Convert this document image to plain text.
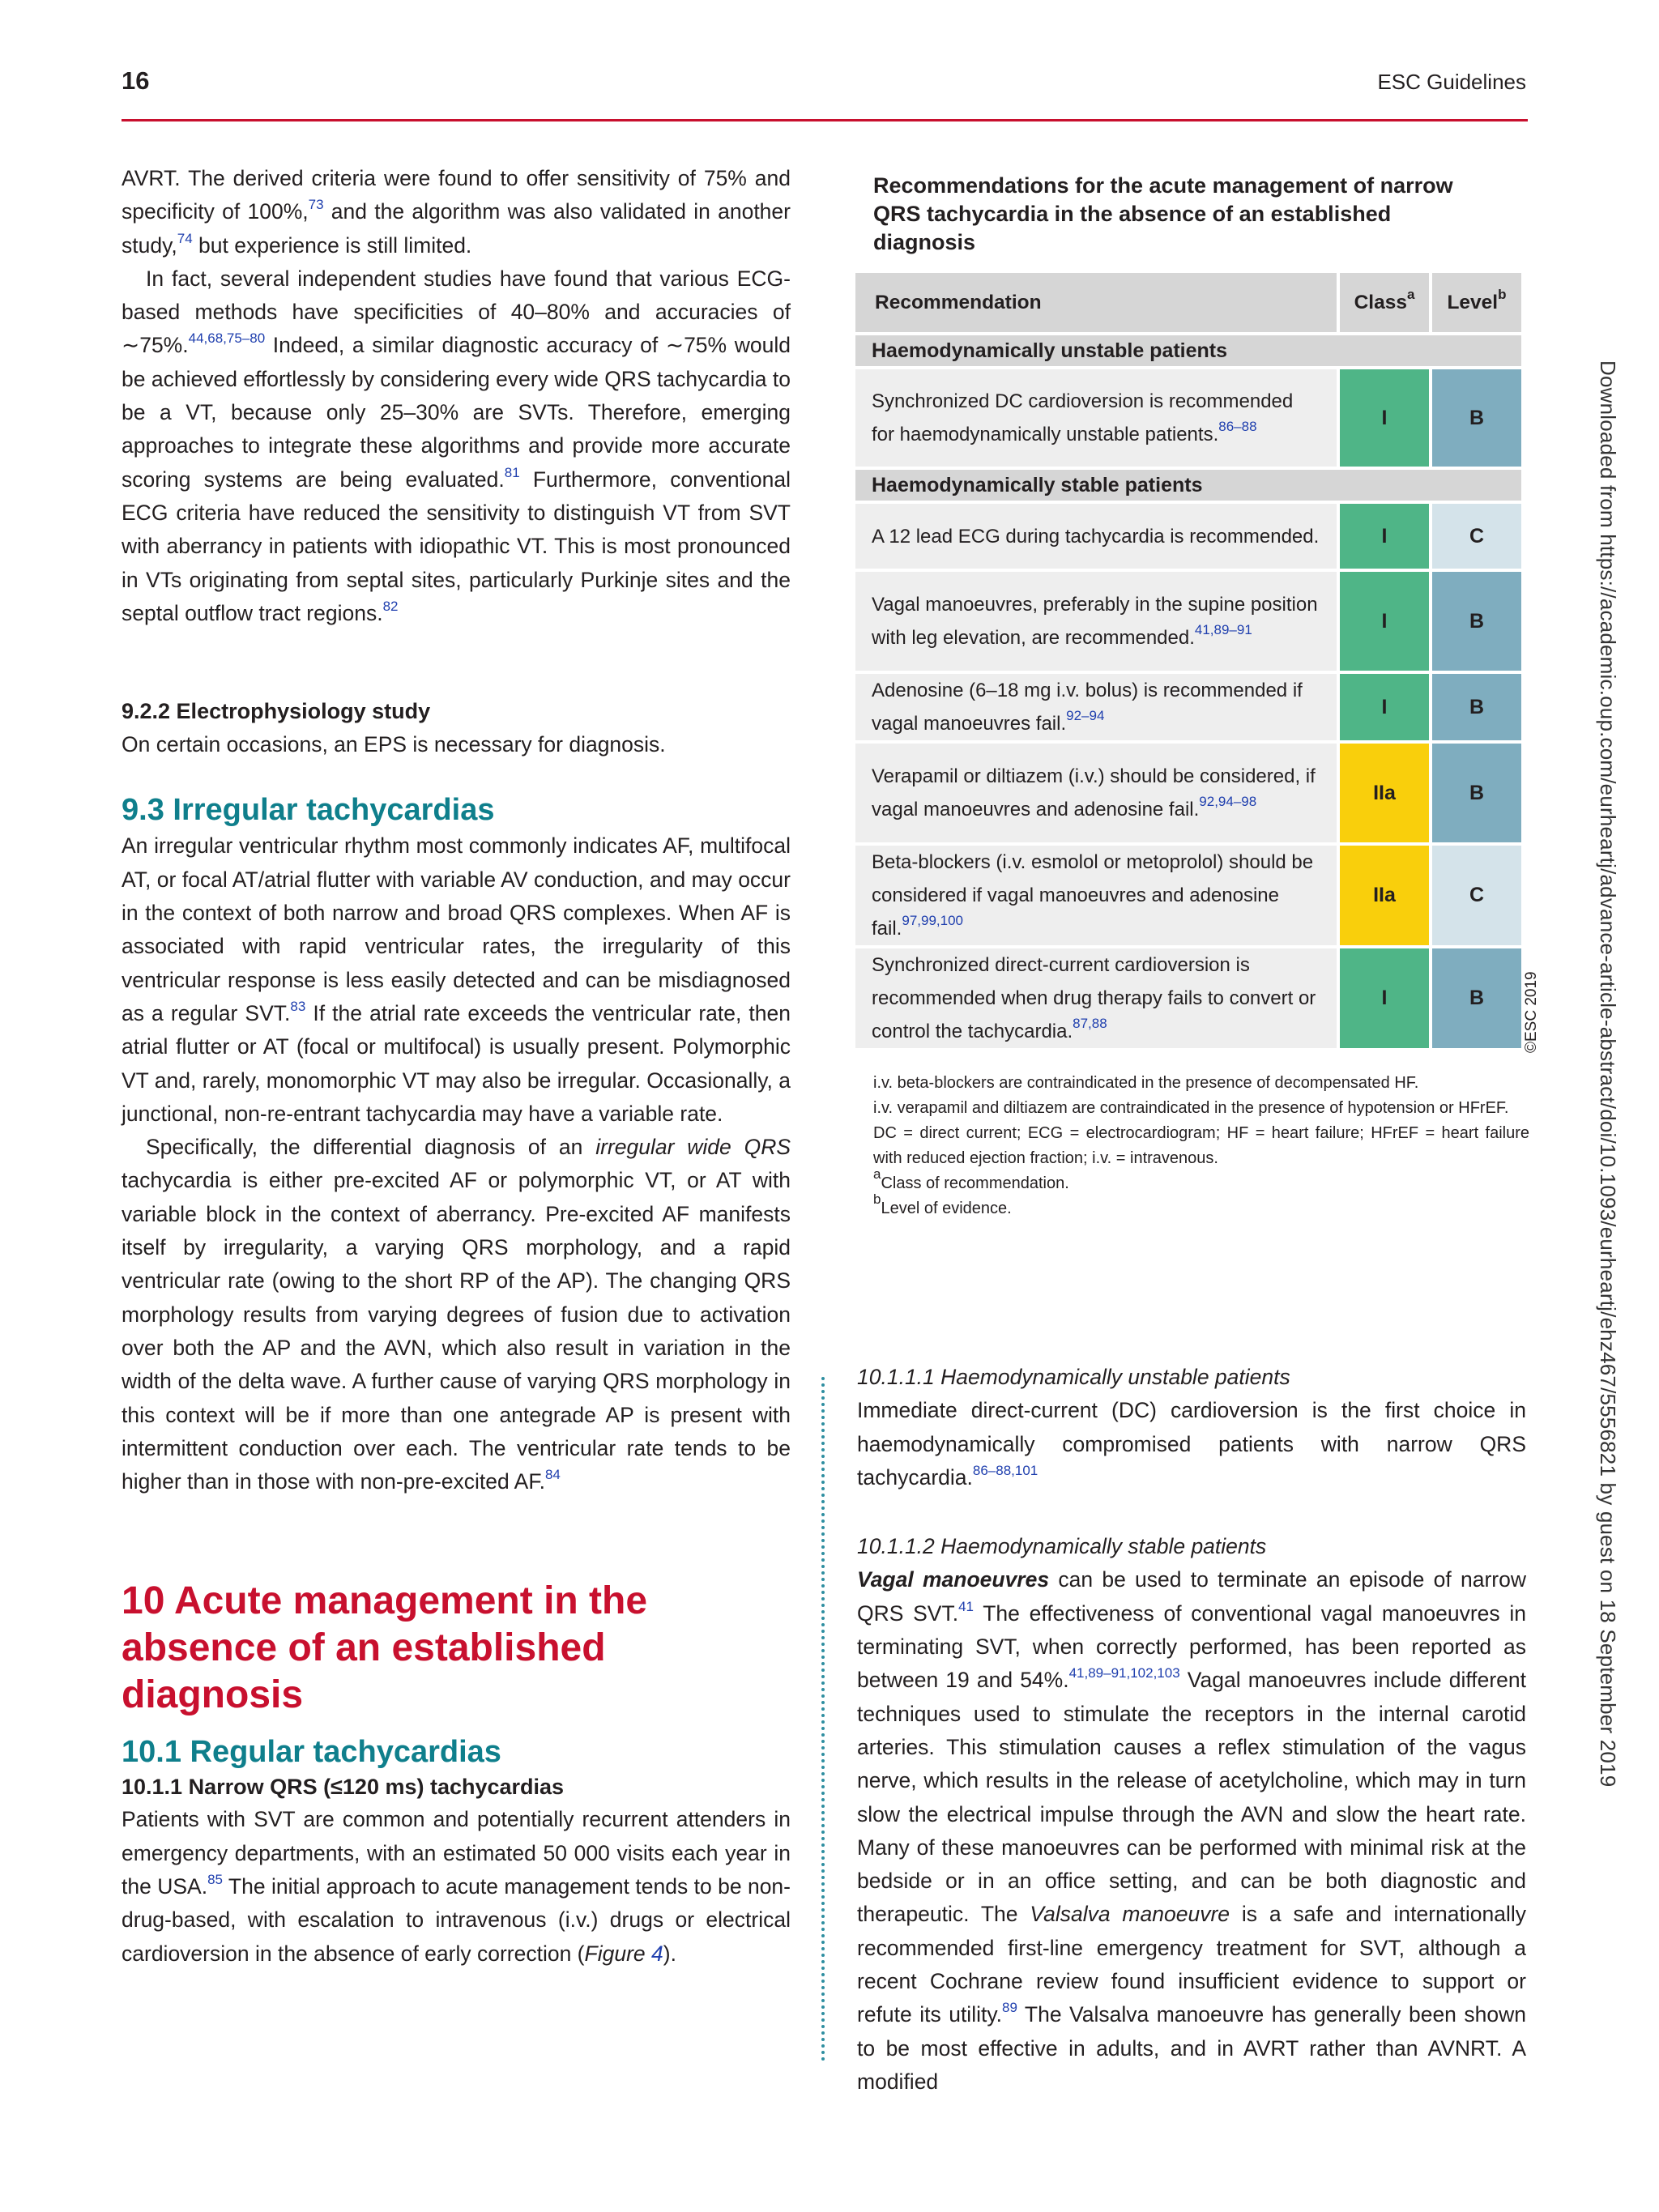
16	ESC Guidelines

AVRT. The derived criteria were found to offer sensitivity of 75% and specificity of 100%,$^{73}$ and the algorithm was also validated in another study,$^{74}$ but experience is still limited.

In fact, several independent studies have found that various ECG-based methods have specificities of 40–80% and accuracies of ∼75%.$^{44,68,75-80}$ Indeed, a similar diagnostic accuracy of ∼75% would be achieved effortlessly by considering every wide QRS tachycardia to be a VT, because only 25–30% are SVTs. Therefore, emerging approaches to integrate these algorithms and provide more accurate scoring systems are being evaluated.$^{81}$ Furthermore, conventional ECG criteria have reduced the sensitivity to distinguish VT from SVT with aberrancy in patients with idiopathic VT. This is most pronounced in VTs originating from septal sites, particularly Purkinje sites and the septal outflow tract regions.$^{82}$

9.2.2 Electrophysiology study

On certain occasions, an EPS is necessary for diagnosis.

9.3 Irregular tachycardias

An irregular ventricular rhythm most commonly indicates AF, multifocal AT, or focal AT/atrial flutter with variable AV conduction, and may occur in the context of both narrow and broad QRS complexes. When AF is associated with rapid ventricular rates, the irregularity of this ventricular response is less easily detected and can be misdiagnosed as a regular SVT.$^{83}$ If the atrial rate exceeds the ventricular rate, then atrial flutter or AT (focal or multifocal) is usually present. Polymorphic VT and, rarely, monomorphic VT may also be irregular. Occasionally, a junctional, non-re-entrant tachycardia may have a variable rate.

Specifically, the differential diagnosis of an irregular wide QRS tachycardia is either pre-excited AF or polymorphic VT, or AT with variable block in the context of aberrancy. Pre-excited AF manifests itself by irregularity, a varying QRS morphology, and a rapid ventricular rate (owing to the short RP of the AP). The changing QRS morphology results from varying degrees of fusion due to activation over both the AP and the AVN, which also result in variation in the width of the delta wave. A further cause of varying QRS morphology in this context will be if more than one antegrade AP is present with intermittent conduction over each. The ventricular rate tends to be higher than in those with non-pre-excited AF.$^{84}$

10 Acute management in the absence of an established diagnosis
10.1 Regular tachycardias
10.1.1 Narrow QRS (≤120 ms) tachycardias

Patients with SVT are common and potentially recurrent attenders in emergency departments, with an estimated 50 000 visits each year in the USA.$^{85}$ The initial approach to acute management tends to be non-drug-based, with escalation to intravenous (i.v.) drugs or electrical cardioversion in the absence of early correction (Figure 4).

Recommendations for the acute management of narrow QRS tachycardia in the absence of an established diagnosis
Recommendation	Class$^a$	Level$^b$
Haemodynamically unstable patients		
Synchronized DC cardioversion is recommended for haemodynamically unstable patients.$^{86-88}$	I	B
Haemodynamically stable patients		
A 12 lead ECG during tachycardia is recommended.	I	C
Vagal manoeuvres, preferably in the supine position with leg elevation, are recommended.$^{41,89-91}$	I	B
Adenosine (6–18 mg i.v. bolus) is recommended if vagal manoeuvres fail.$^{92-94}$	I	B
Verapamil or diltiazem (i.v.) should be considered, if vagal manoeuvres and adenosine fail.$^{92,94-98}$	IIa	B
Beta-blockers (i.v. esmolol or metoprolol) should be considered if vagal manoeuvres and adenosine fail.$^{97,99,100}$	IIa	C
Synchronized direct-current cardioversion is recommended when drug therapy fails to convert or control the tachycardia.$^{87,88}$	I	B

i.v. beta-blockers are contraindicated in the presence of decompensated HF.

i.v. verapamil and diltiazem are contraindicated in the presence of hypotension or HFrEF.

DC = direct current; ECG = electrocardiogram; HF = heart failure; HFrEF = heart failure with reduced ejection fraction; i.v. = intravenous.

$^a$Class of recommendation.

$^b$Level of evidence.

©ESC 2019

10.1.1.1 Haemodynamically unstable patients

Immediate direct-current (DC) cardioversion is the first choice in haemodynamically compromised patients with narrow QRS tachycardia.$^{86-88,101}$

10.1.1.2 Haemodynamically stable patients

Vagal manoeuvres can be used to terminate an episode of narrow QRS SVT.$^{41}$ The effectiveness of conventional vagal manoeuvres in terminating SVT, when correctly performed, has been reported as between 19 and 54%.$^{41,89-91,102,103}$ Vagal manoeuvres include different techniques used to stimulate the receptors in the internal carotid arteries. This stimulation causes a reflex stimulation of the vagus nerve, which results in the release of acetylcholine, which may in turn slow the electrical impulse through the AVN and slow the heart rate. Many of these manoeuvres can be performed with minimal risk at the bedside or in an office setting, and can be both diagnostic and therapeutic. The Valsalva manoeuvre is a safe and internationally recommended first-line emergency treatment for SVT, although a recent Cochrane review found insufficient evidence to support or refute its utility.$^{89}$ The Valsalva manoeuvre has generally been shown to be most effective in adults, and in AVRT rather than AVNRT. A modified

Downloaded from https://academic.oup.com/eurheartj/advance-article-abstract/doi/10.1093/eurheartj/ehz467/5556821 by guest on 18 September 2019
